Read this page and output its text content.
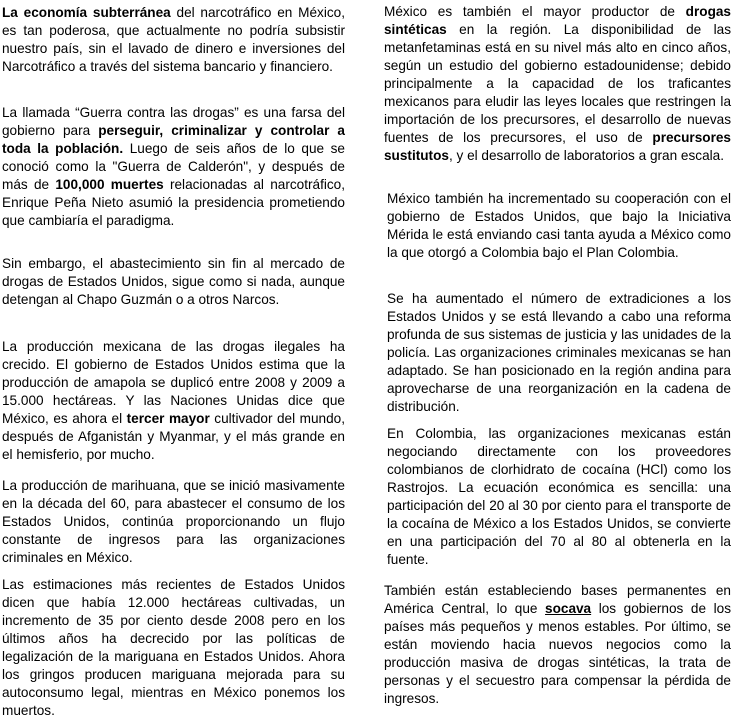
La economía subterránea del narcotráfico en México, es tan poderosa, que actualmente no podría subsistir nuestro país, sin el lavado de dinero e inversiones del Narcotráfico a través del sistema bancario y financiero.

La llamada “Guerra contra las drogas” es una farsa del gobierno para perseguir, criminalizar y controlar a toda la población. Luego de seis años de lo que se conoció como la "Guerra de Calderón", y después de más de 100,000 muertes relacionadas al narcotráfico, Enrique Peña Nieto asumió la presidencia prometiendo que cambiaría el paradigma.

Sin embargo, el abastecimiento sin fin al mercado de drogas de Estados Unidos, sigue como si nada, aunque detengan al Chapo Guzmán o a otros Narcos.

La producción mexicana de las drogas ilegales ha crecido. El gobierno de Estados Unidos estima que la producción de amapola se duplicó entre 2008 y 2009 a 15.000 hectáreas. Y las Naciones Unidas dice que México, es ahora el tercer mayor cultivador del mundo, después de Afganistán y Myanmar, y el más grande en el hemisferio, por mucho.

La producción de marihuana, que se inició masivamente en la década del 60, para abastecer el consumo de los Estados Unidos, continúa proporcionando un flujo constante de ingresos para las organizaciones criminales en México.

Las estimaciones más recientes de Estados Unidos dicen que había 12.000 hectáreas cultivadas, un incremento de 35 por ciento desde 2008 pero en los últimos años ha decrecido por las políticas de legalización de la mariguana en Estados Unidos. Ahora los gringos producen mariguana mejorada para su autoconsumo legal, mientras en México ponemos los muertos.

México es también el mayor productor de drogas sintéticas en la región. La disponibilidad de las metanfetaminas está en su nivel más alto en cinco años, según un estudio del gobierno estadounidense; debido principalmente a la capacidad de los traficantes mexicanos para eludir las leyes locales que restringen la importación de los precursores, el desarrollo de nuevas fuentes de los precursores, el uso de precursores sustitutos, y el desarrollo de laboratorios a gran escala.

México también ha incrementado su cooperación con el gobierno de Estados Unidos, que bajo la Iniciativa Mérida le está enviando casi tanta ayuda a México como la que otorgó a Colombia bajo el Plan Colombia.

Se ha aumentado el número de extradiciones a los Estados Unidos y se está llevando a cabo una reforma profunda de sus sistemas de justicia y las unidades de la policía. Las organizaciones criminales mexicanas se han adaptado. Se han posicionado en la región andina para aprovecharse de una reorganización en la cadena de distribución.

En Colombia, las organizaciones mexicanas están negociando directamente con los proveedores colombianos de clorhidrato de cocaína (HCl) como los Rastrojos. La ecuación económica es sencilla: una participación del 20 al 30 por ciento para el transporte de la cocaína de México a los Estados Unidos, se convierte en una participación del 70 al 80 al obtenerla en la fuente.

También están estableciendo bases permanentes en América Central, lo que socava los gobiernos de los países más pequeños y menos estables. Por último, se están moviendo hacia nuevos negocios como la producción masiva de drogas sintéticas, la trata de personas y el secuestro para compensar la pérdida de ingresos.
